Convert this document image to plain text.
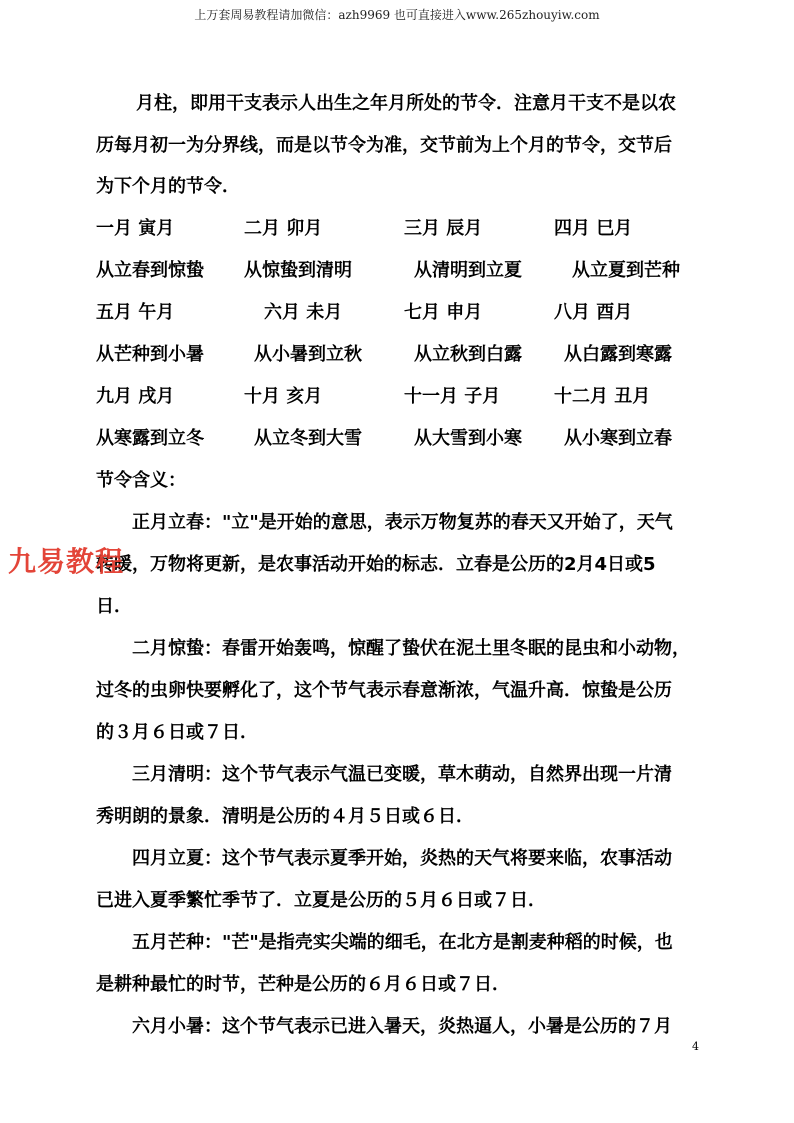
上万套周易教程请加微信：azh9969 也可直接进入www.265zhouyiw.com
月柱，即用干支表示人出生之年月所处的节令．注意月干支不是以农
历每月初一为分界线，而是以节令为准，交节前为上个月的节令，交节后
为下个月的节令．
一月 寅月	二月 卯月	三月 辰月	四月 巳月
从立春到惊蛰 从惊蛰到清明	从清明到立夏	从立夏到芒种
五月 午月	六月 未月	七月 申月	八月 酉月
从芒种到小暑	从小暑到立秋	从立秋到白露 从白露到寒露
九月 戌月	十月 亥月	十一月 子月	十二月 丑月
从寒露到立冬	从立冬到大雪	从大雪到小寒 从小寒到立春
节令含义：
正月立春："立"是开始的意思，表示万物复苏的春天又开始了，天气
转暖，万物将更新，是农事活动开始的标志．立春是公历的2月4日或5
日．
二月惊蛰：春雷开始轰鸣，惊醒了蛰伏在泥土里冬眠的昆虫和小动物，
过冬的虫卵快要孵化了，这个节气表示春意渐浓，气温升高．惊蛰是公历
的３月６日或７日．
三月清明：这个节气表示气温已变暖，草木萌动，自然界出现一片清
秀明朗的景象．清明是公历的４月５日或６日．
四月立夏：这个节气表示夏季开始，炎热的天气将要来临，农事活动
已进入夏季繁忙季节了．立夏是公历的５月６日或７日．
五月芒种："芒"是指壳实尖端的细毛，在北方是割麦种稻的时候，也
是耕种最忙的时节，芒种是公历的６月６日或７日．
六月小暑：这个节气表示已进入暑天，炎热逼人，小暑是公历的７月
九易教程
4
